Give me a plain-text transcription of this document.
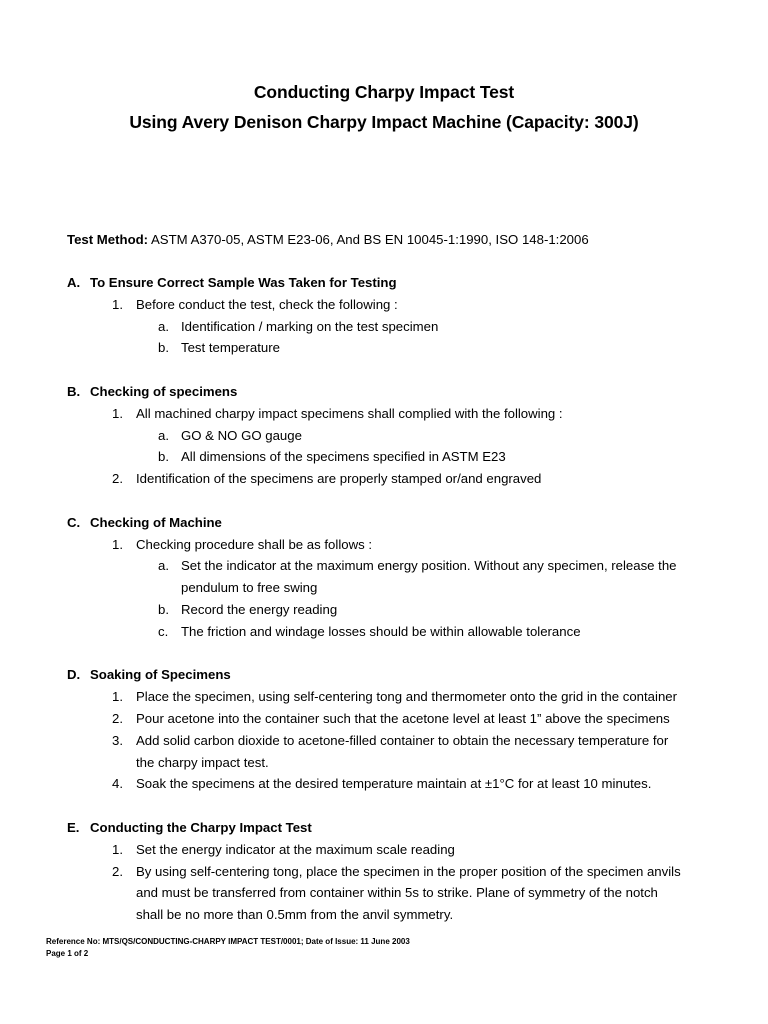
Conducting Charpy Impact Test
Using Avery Denison Charpy Impact Machine (Capacity: 300J)
Test Method: ASTM A370-05, ASTM E23-06, And BS EN 10045-1:1990, ISO 148-1:2006
A. To Ensure Correct Sample Was Taken for Testing
1. Before conduct the test, check the following :
a. Identification / marking on the test specimen
b. Test temperature
B. Checking of specimens
1. All machined charpy impact specimens shall complied with the following :
a. GO & NO GO gauge
b. All dimensions of the specimens specified in ASTM E23
2. Identification of the specimens are properly stamped or/and engraved
C. Checking of Machine
1. Checking procedure shall be as follows :
a. Set the indicator at the maximum energy position. Without any specimen, release the
pendulum to free swing
b. Record the energy reading
c. The friction and windage losses should be within allowable tolerance
D. Soaking of Specimens
1. Place the specimen, using self-centering tong and thermometer onto the grid in the container
2. Pour acetone into the container such that the acetone level at least 1” above the specimens
3. Add solid carbon dioxide to acetone-filled container to obtain the necessary temperature for
the charpy impact test.
4. Soak the specimens at the desired temperature maintain at ±1°C for at least 10 minutes.
E. Conducting the Charpy Impact Test
1. Set the energy indicator at the maximum scale reading
2. By using self-centering tong, place the specimen in the proper position of the specimen anvils
and must be transferred from container within 5s to strike. Plane of symmetry of the notch
shall be no more than 0.5mm from the anvil symmetry.
Reference No: MTS/QS/CONDUCTING-CHARPY IMPACT TEST/0001; Date of Issue: 11 June 2003
Page 1 of 2
